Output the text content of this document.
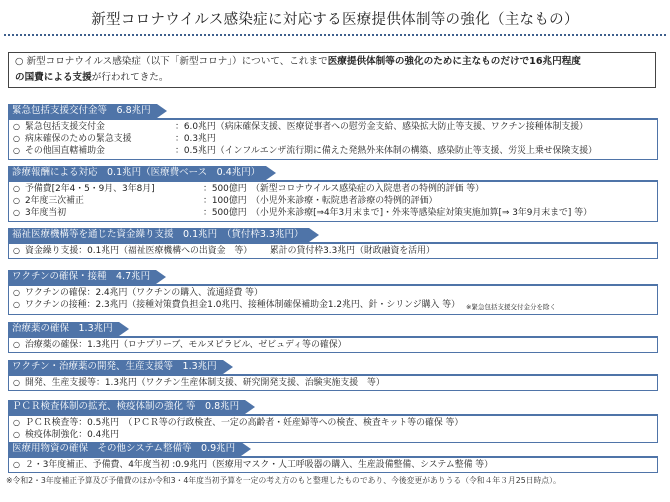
新型コロナウイルス感染症に対応する医療提供体制等の強化（主なもの）
○ 新型コロナウイルス感染症（以下「新型コロナ」）について、これまで医療提供体制等の強化のために主なものだけで16兆円程度
の国費による支援が行われてきた。
緊急包括支援交付金等　6.8兆円
○ 緊急包括支援交付金	：6.0兆円（病床確保支援、医療従事者への慰労金支給、感染拡大防止等支援、ワクチン接種体制支援）
○ 病床確保のための緊急支援	：0.3兆円
○ その他国直轄補助金	：0.5兆円（インフルエンザ流行期に備えた発熱外来体制の構築、感染防止等支援、労災上乗せ保険支援）
診療報酬による対応　0.1兆円（医療費ベース　0.4兆円）
○ 予備費[2年4・5・9月、3年8月]	：500億円　（新型コロナウイルス感染症の入院患者の特例的評価 等）
○ 2年度三次補正	：100億円　（小児外来診療・転院患者診療の特例的評価）
○ 3年度当初	：500億円　（小児外来診療[⇒4年3月末まで]・外来等感染症対策実施加算[⇒ 3年9月末まで] 等）
福祉医療機構等を通じた資金繰り支援　0.1兆円　（貸付枠3.3兆円）
○ 資金繰り支援：0.1兆円（福祉医療機構への出資金　等） 　　累計の貸付枠3.3兆円（財政融資を活用）
ワクチンの確保・接種　4.7兆円
○ ワクチンの確保：2.4兆円（ワクチンの購入、流通経費 等）
○ ワクチンの接種：2.3兆円（接種対策費負担金1.0兆円、接種体制確保補助金1.2兆円、針・シリンジ購入 等） ※緊急包括支援交付金分を除く
治療薬の確保　1.3兆円
○ 治療薬の確保：1.3兆円（ロナプリーブ、モルヌピラビル、ゼビュディ等の確保）
ワクチン・治療薬の開発、生産支援等　1.3兆円
○ 開発、生産支援等：1.3兆円（ワクチン生産体制支援、研究開発支援、治験実施支援　等）
ＰＣＲ検査体制の拡充、検疫体制の強化 等　0.8兆円
○ ＰＣＲ検査等：0.5兆円　（ＰＣＲ等の行政検査、一定の高齢者・妊産婦等への検査、検査キット等の確保 等）
○ 検疫体制強化：0.4兆円
医療用物資の確保　その他システム整備等　0.9兆円
○ ２・3年度補正、予備費、4年度当初 :0.9兆円（医療用マスク・人工呼吸器の購入、生産設備整備、システム整備 等）
※令和2・3年度補正予算及び予備費のほか令和3・4年度当初予算を一定の考え方のもと整理したものであり、今後変更がありうる（令和４年３月25日時点）。
